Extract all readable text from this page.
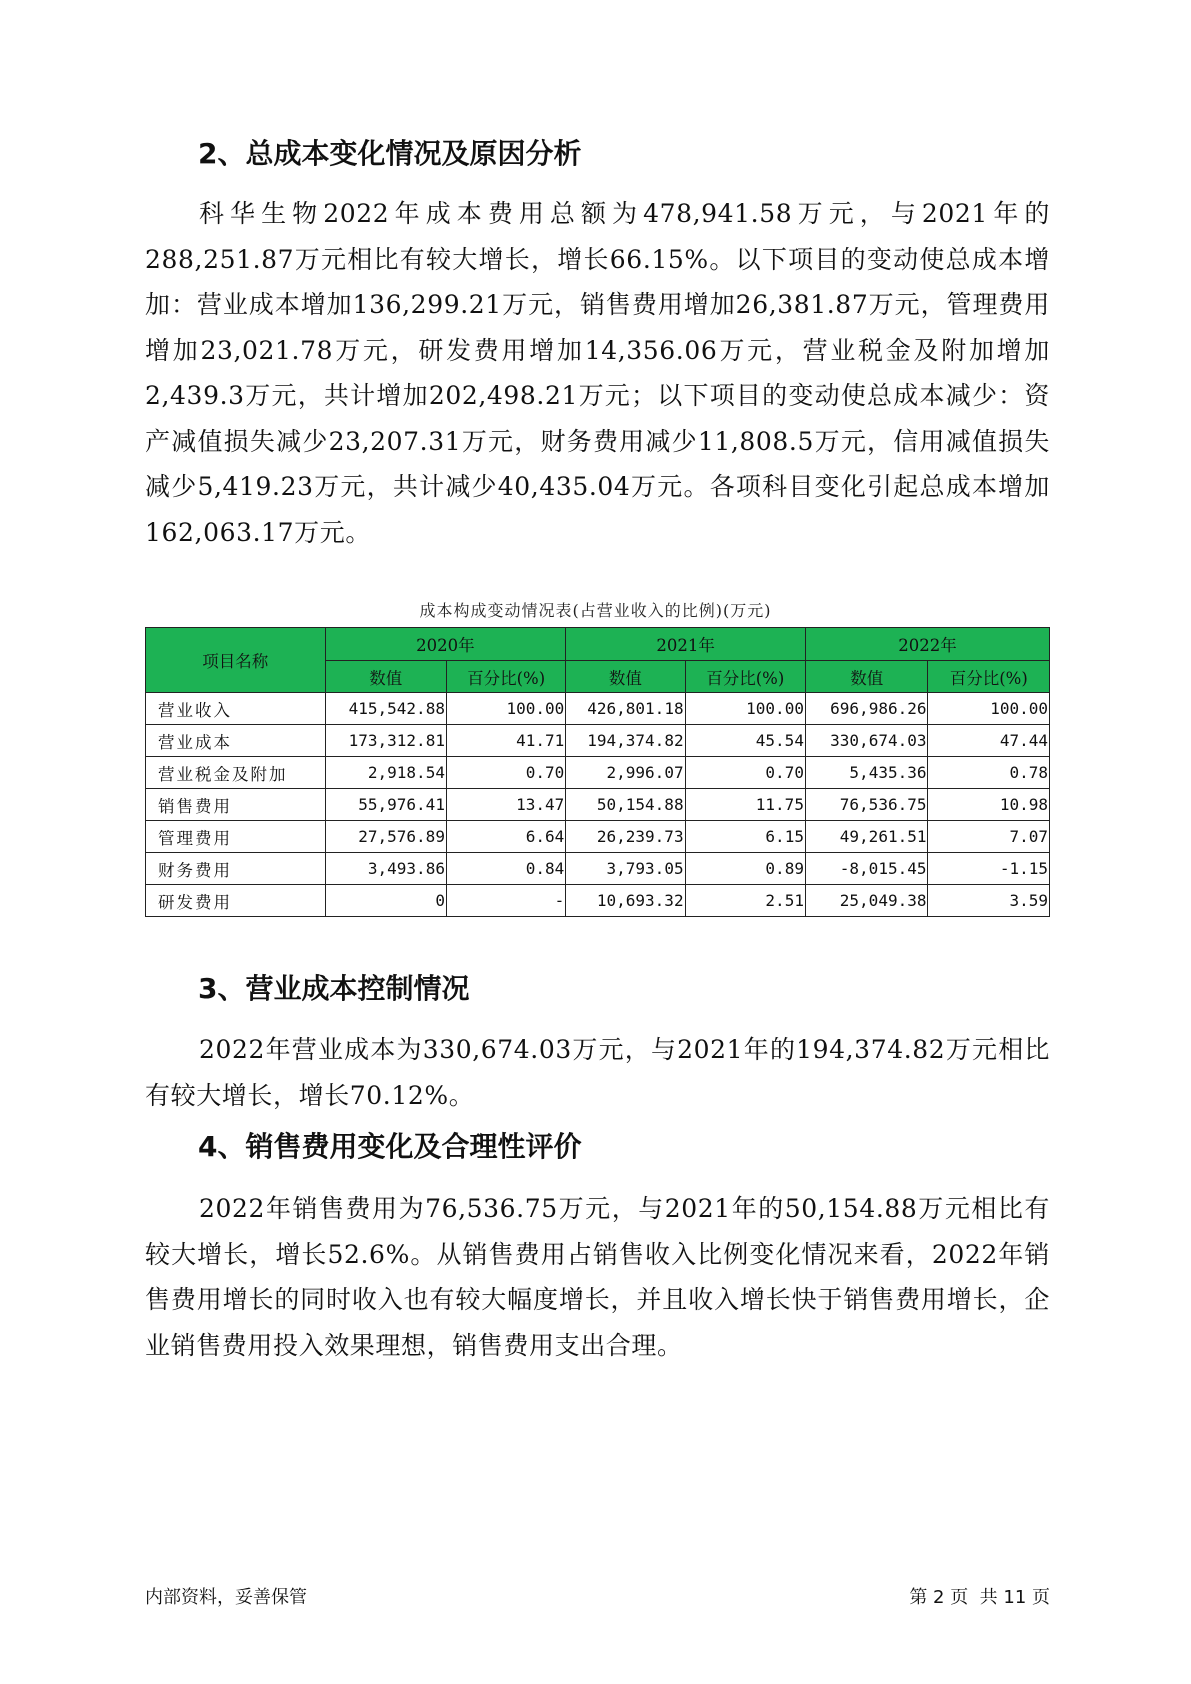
2、总成本变化情况及原因分析
科华生物2022年成本费用总额为478,941.58万元，与2021年的288,251.87万元相比有较大增长，增长66.15%。以下项目的变动使总成本增加：营业成本增加136,299.21万元，销售费用增加26,381.87万元，管理费用增加23,021.78万元，研发费用增加14,356.06万元，营业税金及附加增加2,439.3万元，共计增加202,498.21万元；以下项目的变动使总成本减少：资产减值损失减少23,207.31万元，财务费用减少11,808.5万元，信用减值损失减少5,419.23万元，共计减少40,435.04万元。各项科目变化引起总成本增加162,063.17万元。
成本构成变动情况表(占营业收入的比例)(万元)
项目名称	2020年		2021年		2022年	
	数值	百分比(%)	数值	百分比(%)	数值	百分比(%)
营业收入	415,542.88	100.00	426,801.18	100.00	696,986.26	100.00
营业成本	173,312.81	41.71	194,374.82	45.54	330,674.03	47.44
营业税金及附加	2,918.54	0.70	2,996.07	0.70	5,435.36	0.78
销售费用	55,976.41	13.47	50,154.88	11.75	76,536.75	10.98
管理费用	27,576.89	6.64	26,239.73	6.15	49,261.51	7.07
财务费用	3,493.86	0.84	3,793.05	0.89	-8,015.45	-1.15
研发费用	0	-	10,693.32	2.51	25,049.38	3.59
3、营业成本控制情况
2022年营业成本为330,674.03万元，与2021年的194,374.82万元相比有较大增长，增长70.12%。
4、销售费用变化及合理性评价
2022年销售费用为76,536.75万元，与2021年的50,154.88万元相比有较大增长，增长52.6%。从销售费用占销售收入比例变化情况来看，2022年销售费用增长的同时收入也有较大幅度增长，并且收入增长快于销售费用增长，企业销售费用投入效果理想，销售费用支出合理。
内部资料，妥善保管	第 2 页  共 11 页
